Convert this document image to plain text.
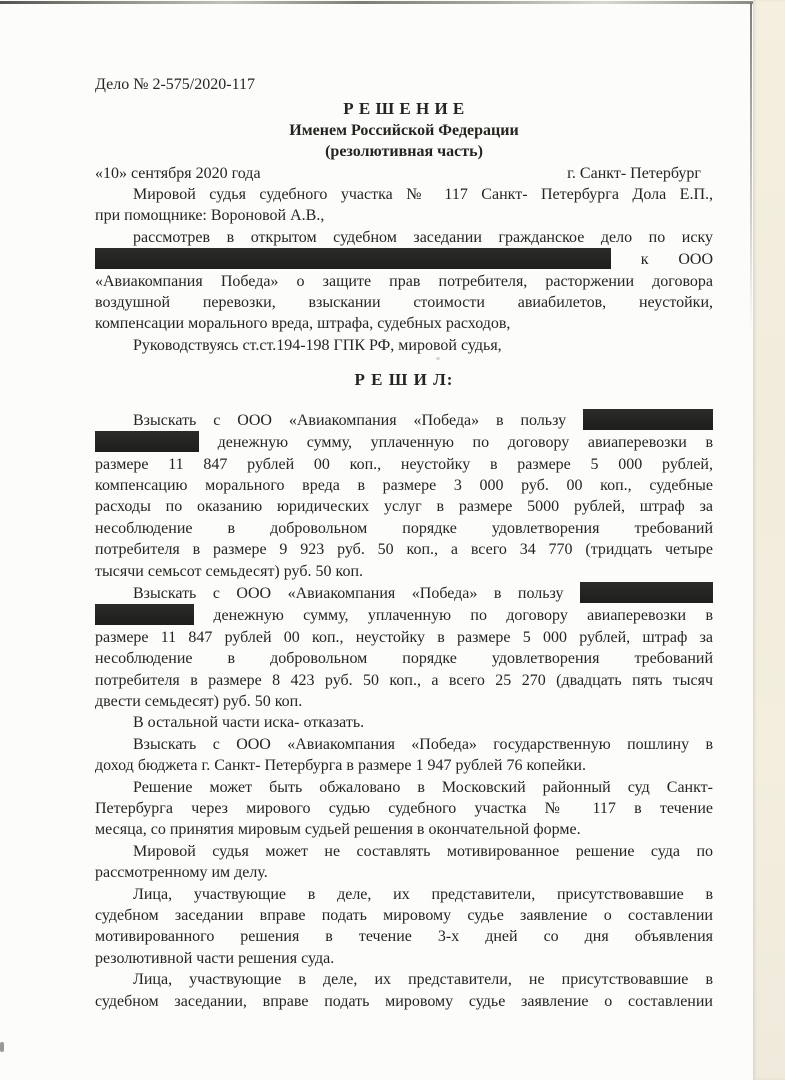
Дело № 2-575/2020-117
Р Е Ш Е Н И Е
Именем Российской Федерации
(резолютивная часть)
«10» сентября 2020 года	г. Санкт- Петербург
Мировой судья судебного участка № 117 Санкт- Петербурга Дола Е.П.,
при помощнике: Вороновой А.В.,
рассмотрев в открытом судебном заседании гражданское дело по иску
к ООО
«Авиакомпания Победа» о защите прав потребителя, расторжении договора
воздушной перевозки, взыскании стоимости авиабилетов, неустойки,
компенсации морального вреда, штрафа, судебных расходов,
Руководствуясь ст.ст.194-198 ГПК РФ, мировой судья,
Р Е Ш И Л:
Взыскать с ООО «Авиакомпания «Победа» в пользу
денежную сумму, уплаченную по договору авиаперевозки в
размере 11 847 рублей 00 коп., неустойку в размере 5 000 рублей,
компенсацию морального вреда в размере 3 000 руб. 00 коп., судебные
расходы по оказанию юридических услуг в размере 5000 рублей, штраф за
несоблюдение в добровольном порядке удовлетворения требований
потребителя в размере 9 923 руб. 50 коп., а всего 34 770 (тридцать четыре
тысячи семьсот семьдесят) руб. 50 коп.
Взыскать с ООО «Авиакомпания «Победа» в пользу
денежную сумму, уплаченную по договору авиаперевозки в
размере 11 847 рублей 00 коп., неустойку в размере 5 000 рублей, штраф за
несоблюдение в добровольном порядке удовлетворения требований
потребителя в размере 8 423 руб. 50 коп., а всего 25 270 (двадцать пять тысяч
двести семьдесят) руб. 50 коп.
В остальной части иска- отказать.
Взыскать с ООО «Авиакомпания «Победа» государственную пошлину в
доход бюджета г. Санкт- Петербурга в размере 1 947 рублей 76 копейки.
Решение может быть обжаловано в Московский районный суд Санкт-
Петербурга через мирового судью судебного участка № 117 в течение
месяца, со принятия мировым судьей решения в окончательной форме.
Мировой судья может не составлять мотивированное решение суда по
рассмотренному им делу.
Лица, участвующие в деле, их представители, присутствовавшие в
судебном заседании вправе подать мировому судье заявление о составлении
мотивированного решения в течение 3-х дней со дня объявления
резолютивной части решения суда.
Лица, участвующие в деле, их представители, не присутствовавшие в
судебном заседании, вправе подать мировому судье заявление о составлении
